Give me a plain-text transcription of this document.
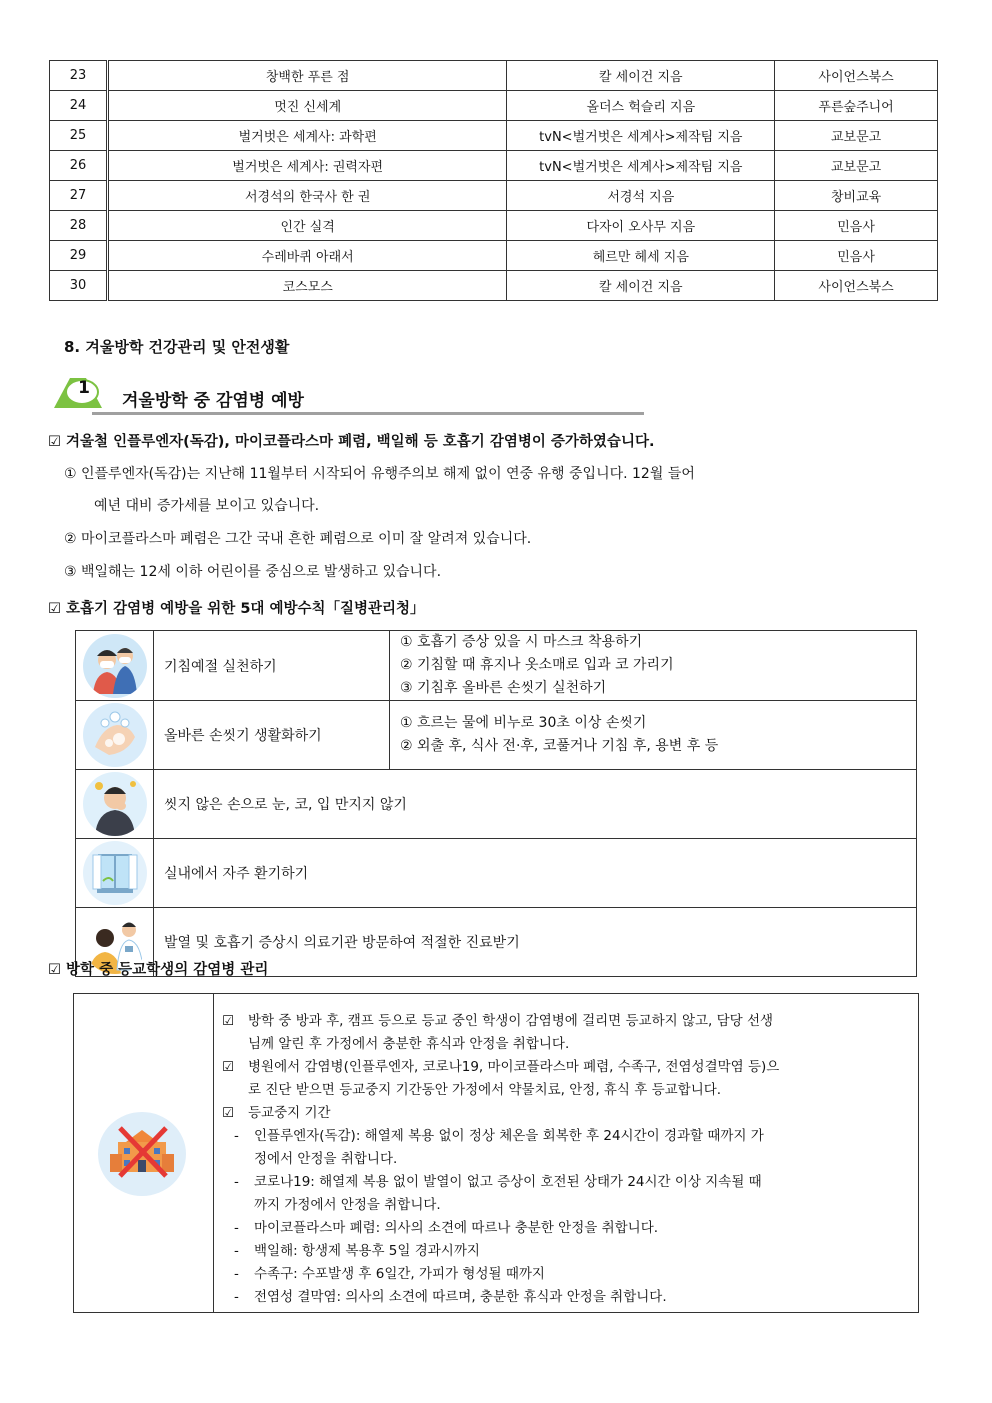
23	창백한 푸른 점	칼 세이건 지음	사이언스북스
24	멋진 신세계	올더스 헉슬리 지음	푸른숲주니어
25	벌거벗은 세계사: 과학편	tvN<벌거벗은 세계사>제작팀 지음	교보문고
26	벌거벗은 세계사: 권력자편	tvN<벌거벗은 세계사>제작팀 지음	교보문고
27	서경석의 한국사 한 권	서경석 지음	창비교육
28	인간 실격	다자이 오사무 지음	민음사
29	수레바퀴 아래서	헤르만 헤세 지음	민음사
30	코스모스	칼 세이건 지음	사이언스북스
8. 겨울방학 건강관리 및 안전생활
1
겨울방학 중 감염병 예방
☑ 겨울철 인플루엔자(독감), 마이코플라스마 폐렴, 백일해 등 호흡기 감염병이 증가하였습니다.
① 인플루엔자(독감)는 지난해 11월부터 시작되어 유행주의보 해제 없이 연중 유행 중입니다. 12월 들어
예년 대비 증가세를 보이고 있습니다.
② 마이코플라스마 폐렴은 그간 국내 흔한 폐렴으로 이미 잘 알려져 있습니다.
③ 백일해는 12세 이하 어린이를 중심으로 발생하고 있습니다.
☑ 호흡기 감염병 예방을 위한 5대 예방수칙「질병관리청」
	기침예절 실천하기	① 호흡기 증상 있을 시 마스크 착용하기
② 기침할 때 휴지나 옷소매로 입과 코 가리기
③ 기침후 올바른 손씻기 실천하기

	올바른 손씻기 생활화하기	① 흐르는 물에 비누로 30초 이상 손씻기
② 외출 후, 식사 전·후, 코풀거나 기침 후, 용변 후 등

	씻지 않은 손으로 눈, 코, 입 만지지 않기	
	실내에서 자주 환기하기	
	발열 및 호흡기 증상시 의료기관 방문하여 적절한 진료받기	
☑ 방학 중 등교학생의 감염병 관리
☑ 방학 중 방과 후, 캠프 등으로 등교 중인 학생이 감염병에 걸리면 등교하지 않고, 담당 선생
님께 알린 후 가정에서 충분한 휴식과 안정을 취합니다.
☑ 병원에서 감염병(인플루엔자, 코로나19, 마이코플라스마 폐렴, 수족구, 전염성결막염 등)으
로 진단 받으면 등교중지 기간동안 가정에서 약물치료, 안정, 휴식 후 등교합니다.
☑ 등교중지 기간
- 인플루엔자(독감): 해열제 복용 없이 정상 체온을 회복한 후 24시간이 경과할 때까지 가
정에서 안정을 취합니다.
- 코로나19: 해열제 복용 없이 발열이 없고 증상이 호전된 상태가 24시간 이상 지속될 때
까지 가정에서 안정을 취합니다.
- 마이코플라스마 폐렴: 의사의 소견에 따르나 충분한 안정을 취합니다.
- 백일해: 항생제 복용후 5일 경과시까지
- 수족구: 수포발생 후 6일간, 가피가 형성될 때까지
- 전염성 결막염: 의사의 소견에 따르며, 충분한 휴식과 안정을 취합니다.
